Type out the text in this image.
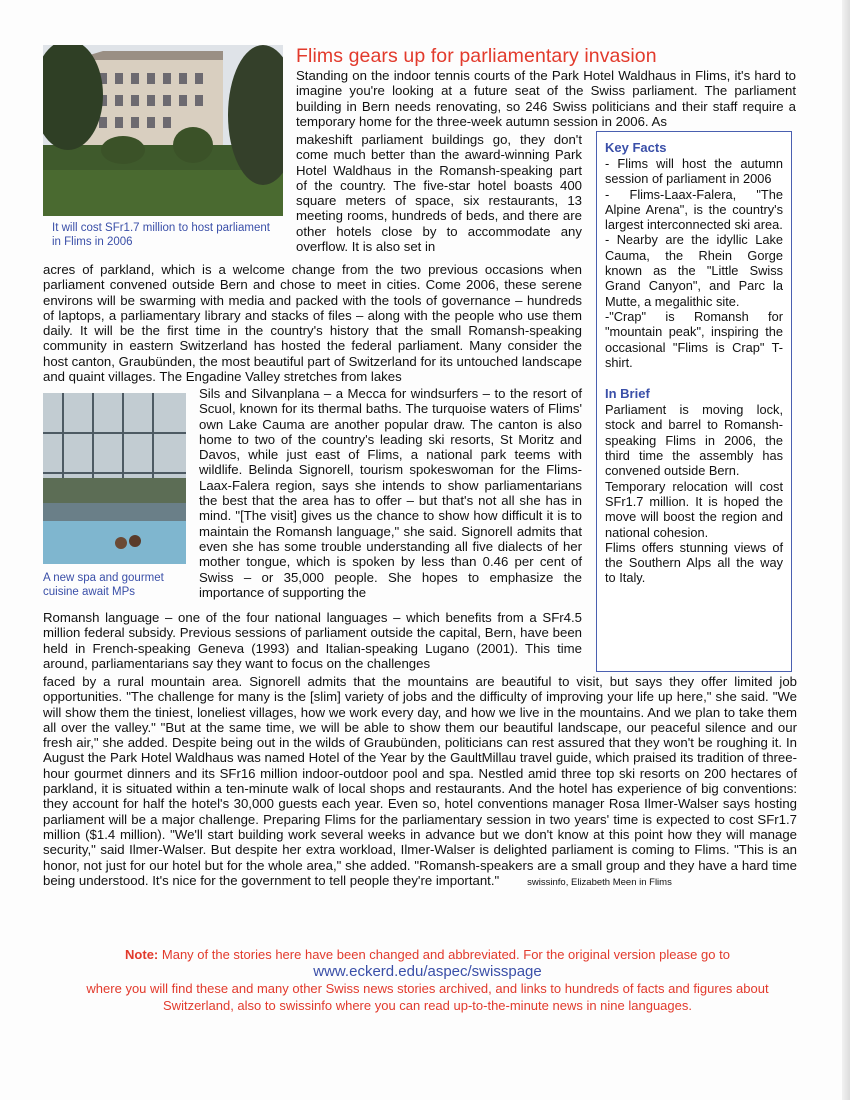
It will cost SFr1.7 million to host parliament in Flims in 2006
A new spa and gourmet cuisine await MPs
Flims gears up for parliamentary invasion

Standing on the indoor tennis courts of the Park Hotel Waldhaus in Flims, it's hard to imagine you're looking at a future seat of the Swiss parliament. The parliament building in Bern needs renovating, so 246 Swiss politicians and their staff require a temporary home for the three-week autumn session in 2006. As

makeshift parliament buildings go, they don't come much better than the award-winning Park Hotel Waldhaus in the Romansh-speaking part of the country. The five-star hotel boasts 400 square meters of space, six restaurants, 13 meeting rooms, hundreds of beds, and there are other hotels close by to accommodate any overflow. It is also set in

acres of parkland, which is a welcome change from the two previous occasions when parliament convened outside Bern and chose to meet in cities. Come 2006, these serene environs will be swarming with media and packed with the tools of governance – hundreds of laptops, a parliamentary library and stacks of files – along with the people who use them daily. It will be the first time in the country's history that the small Romansh-speaking community in eastern Switzerland has hosted the federal parliament. Many consider the host canton, Graubünden, the most beautiful part of Switzerland for its untouched landscape and quaint villages. The Engadine Valley stretches from lakes

Sils and Silvanplana – a Mecca for windsurfers – to the resort of Scuol, known for its thermal baths. The turquoise waters of Flims' own Lake Cauma are another popular draw. The canton is also home to two of the country's leading ski resorts, St Moritz and Davos, while just east of Flims, a national park teems with wildlife. Belinda Signorell, tourism spokeswoman for the Flims-Laax-Falera region, says she intends to show parliamentarians the best that the area has to offer – but that's not all she has in mind. "[The visit] gives us the chance to show how difficult it is to maintain the Romansh language," she said. Signorell admits that even she has some trouble understanding all five dialects of her mother tongue, which is spoken by less than 0.46 per cent of Swiss – or 35,000 people. She hopes to emphasize the importance of supporting the

Romansh language – one of the four national languages – which benefits from a SFr4.5 million federal subsidy. Previous sessions of parliament outside the capital, Bern, have been held in French-speaking Geneva (1993) and Italian-speaking Lugano (2001). This time around, parliamentarians say they want to focus on the challenges

faced by a rural mountain area. Signorell admits that the mountains are beautiful to visit, but says they offer limited job opportunities. "The challenge for many is the [slim] variety of jobs and the difficulty of improving your life up here," she said. "We will show them the tiniest, loneliest villages, how we work every day, and how we live in the mountains. And we plan to take them all over the valley." "But at the same time, we will be able to show them our beautiful landscape, our peaceful silence and our fresh air," she added. Despite being out in the wilds of Graubünden, politicians can rest assured that they won't be roughing it. In August the Park Hotel Waldhaus was named Hotel of the Year by the GaultMillau travel guide, which praised its tradition of three-hour gourmet dinners and its SFr16 million indoor-outdoor pool and spa. Nestled amid three top ski resorts on 200 hectares of parkland, it is situated within a ten-minute walk of local shops and restaurants. And the hotel has experience of big conventions: they account for half the hotel's 30,000 guests each year. Even so, hotel conventions manager Rosa Ilmer-Walser says hosting parliament will be a major challenge. Preparing Flims for the parliamentary session in two years' time is expected to cost SFr1.7 million ($1.4 million). "We'll start building work several weeks in advance but we don't know at this point how they will manage security," said Ilmer-Walser. But despite her extra workload, Ilmer-Walser is delighted parliament is coming to Flims. "This is an honor, not just for our hotel but for the whole area," she added. "Romansh-speakers are a small group and they have a hard time being understood. It's nice for the government to tell people they're important."	swissinfo, Elizabeth Meen in Flims

Key Facts

- Flims will host the autumn session of parliament in 2006

- Flims-Laax-Falera, "The Alpine Arena", is the country's largest interconnected ski area.

- Nearby are the idyllic Lake Cauma, the Rhein Gorge known as the "Little Swiss Grand Canyon", and Parc la Mutte, a megalithic site.

-"Crap" is Romansh for "mountain peak", inspiring the occasional "Flims is Crap" T-shirt.

In Brief

Parliament is moving lock, stock and barrel to Romansh-speaking Flims in 2006, the third time the assembly has convened outside Bern.

Temporary relocation will cost SFr1.7 million. It is hoped the move will boost the region and national cohesion.

Flims offers stunning views of the Southern Alps all the way to Italy.

Note: Many of the stories here have been changed and abbreviated. For the original version please go to
www.eckerd.edu/aspec/swisspage
where you will find these and many other Swiss news stories archived, and links to hundreds of facts and figures about
Switzerland, also to swissinfo where you can read up-to-the-minute news in nine languages.
